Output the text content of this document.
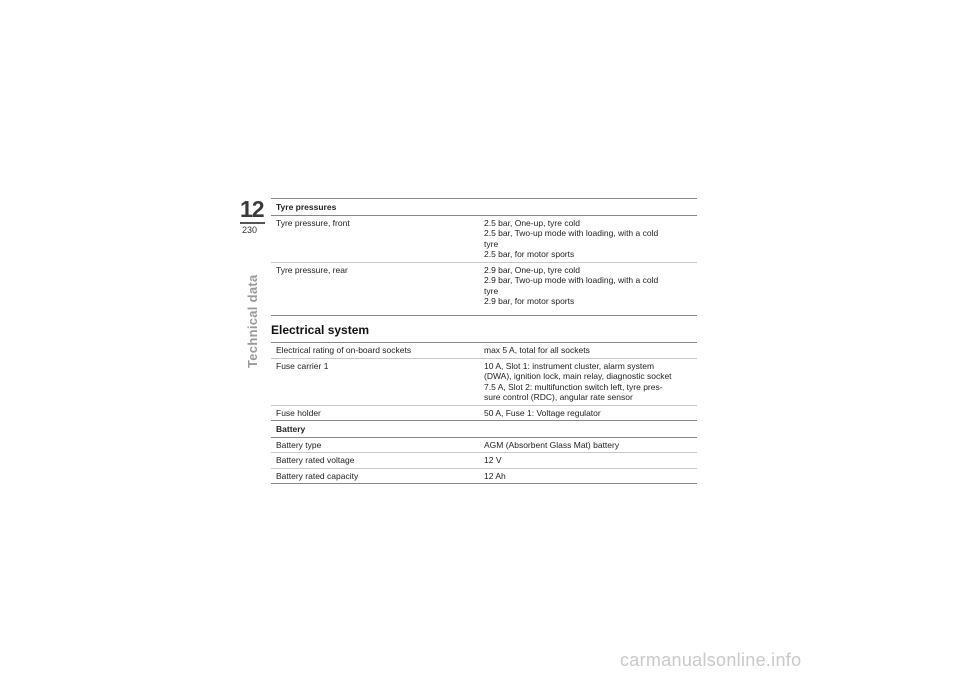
12
230
Technical data
Tyre pressures
Tyre pressure, front	2.5 bar, One-up, tyre cold
2.5 bar, Two-up mode with loading, with a cold
tyre
2.5 bar, for motor sports
Tyre pressure, rear	2.9 bar, One-up, tyre cold
2.9 bar, Two-up mode with loading, with a cold
tyre
2.9 bar, for motor sports
Electrical system
Electrical rating of on-board sockets	max 5 A, total for all sockets
Fuse carrier 1	10 A, Slot 1: instrument cluster, alarm system
(DWA), ignition lock, main relay, diagnostic socket
7.5 A, Slot 2: multifunction switch left, tyre pres-
sure control (RDC), angular rate sensor
Fuse holder	50 A, Fuse 1: Voltage regulator
Battery
Battery type	AGM (Absorbent Glass Mat) battery
Battery rated voltage	12 V
Battery rated capacity	12 Ah
carmanualsonline.info
